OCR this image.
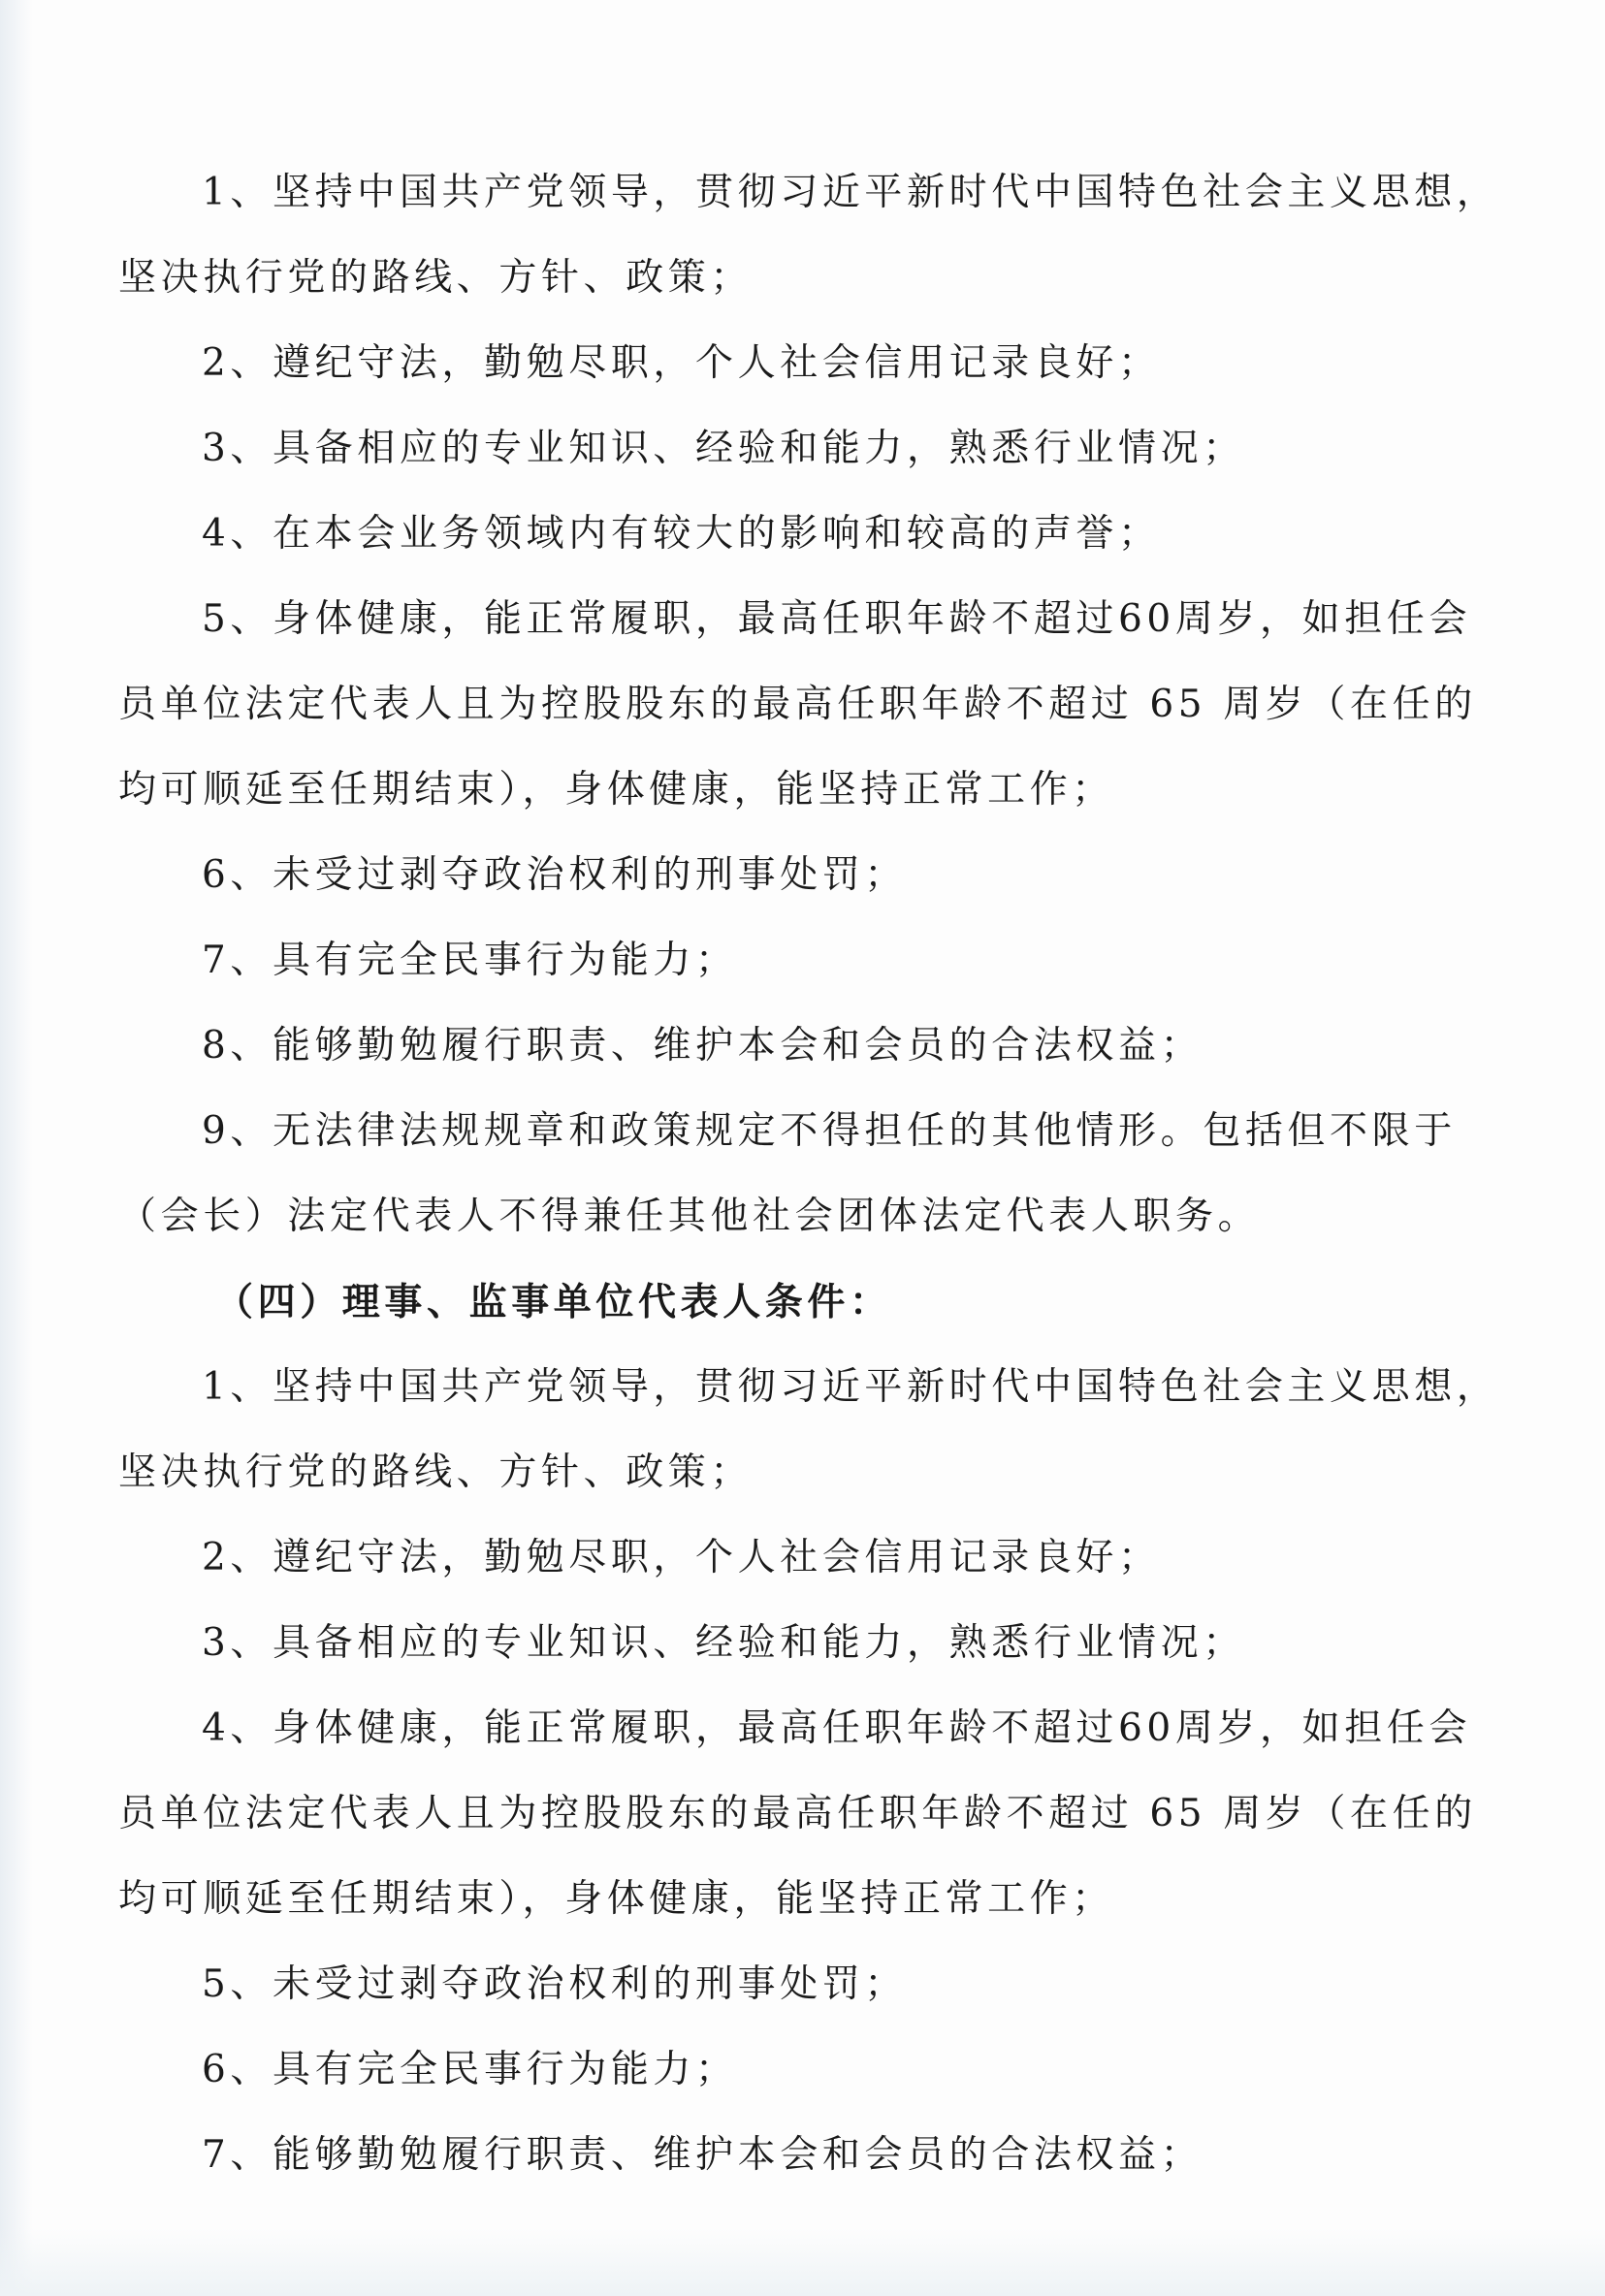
1、坚持中国共产党领导，贯彻习近平新时代中国特色社会主义思想，
坚决执行党的路线、方针、政策；
2、遵纪守法，勤勉尽职，个人社会信用记录良好；
3、具备相应的专业知识、经验和能力，熟悉行业情况；
4、在本会业务领域内有较大的影响和较高的声誉；
5、身体健康，能正常履职，最高任职年龄不超过60周岁，如担任会
员单位法定代表人且为控股股东的最高任职年龄不超过 65 周岁（在任的
均可顺延至任期结束），身体健康，能坚持正常工作；
6、未受过剥夺政治权利的刑事处罚；
7、具有完全民事行为能力；
8、能够勤勉履行职责、维护本会和会员的合法权益；
9、无法律法规规章和政策规定不得担任的其他情形。包括但不限于
（会长）法定代表人不得兼任其他社会团体法定代表人职务。
（四）理事、监事单位代表人条件：
1、坚持中国共产党领导，贯彻习近平新时代中国特色社会主义思想，
坚决执行党的路线、方针、政策；
2、遵纪守法，勤勉尽职，个人社会信用记录良好；
3、具备相应的专业知识、经验和能力，熟悉行业情况；
4、身体健康，能正常履职，最高任职年龄不超过60周岁，如担任会
员单位法定代表人且为控股股东的最高任职年龄不超过 65 周岁（在任的
均可顺延至任期结束），身体健康，能坚持正常工作；
5、未受过剥夺政治权利的刑事处罚；
6、具有完全民事行为能力；
7、能够勤勉履行职责、维护本会和会员的合法权益；
